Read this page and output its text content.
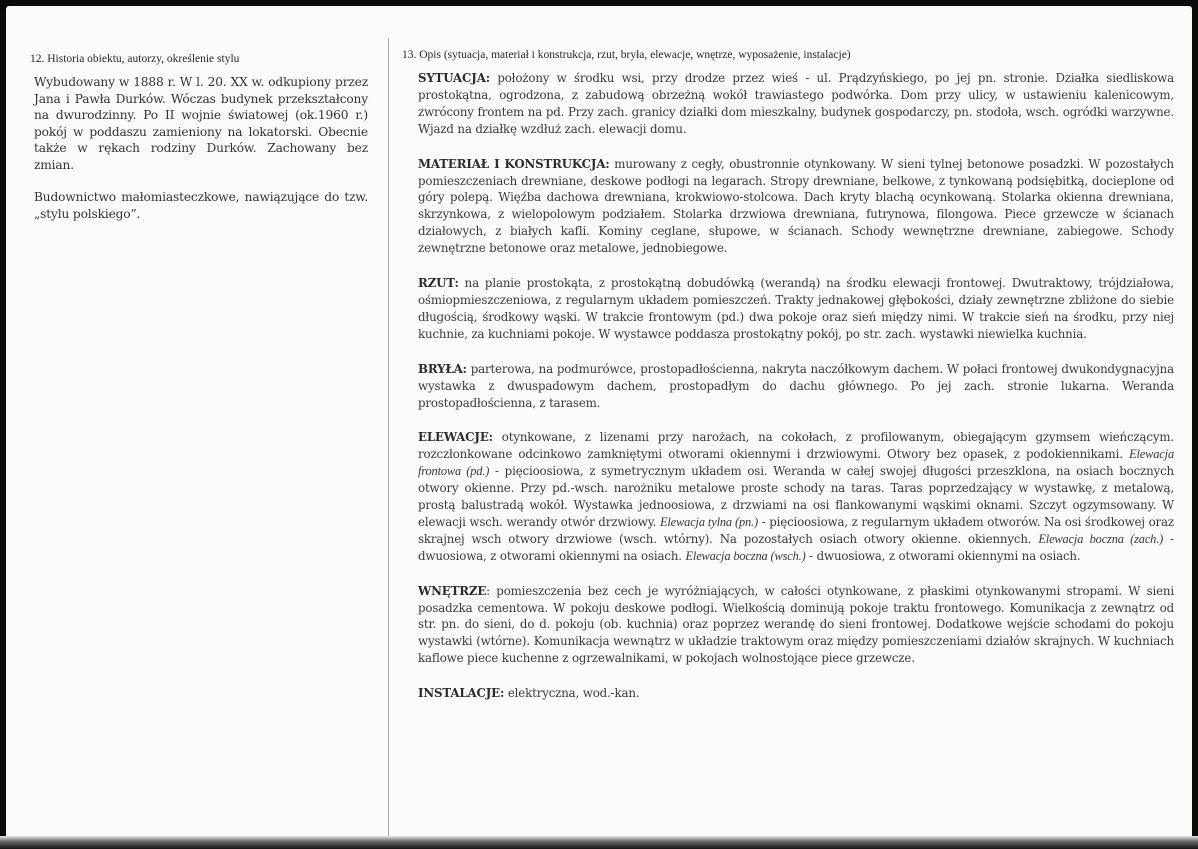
12. Historia obiektu, autorzy, określenie stylu

Wybudowany w 1888 r. W l. 20. XX w. odkupiony przez Jana i Pawła Durków. Wóczas budynek przekształcony na dwurodzinny. Po II wojnie światowej (ok.1960 r.) pokój w poddaszu zamieniony na lokatorski. Obecnie także w rękach rodziny Durków. Zachowany bez zmian.

Budownictwo małomiasteczkowe, nawiązujące do tzw. „stylu polskiego”.

13. Opis (sytuacja, materiał i konstrukcja, rzut, bryła, elewacje, wnętrze, wyposażenie, instalacje)

SYTUACJA: położony w środku wsi, przy drodze przez wieś - ul. Prądzyńskiego, po jej pn. stronie. Działka siedliskowa prostokątna, ogrodzona, z zabudową obrzeżną wokół trawiastego podwórka. Dom przy ulicy, w ustawieniu kalenicowym, zwrócony frontem na pd. Przy zach. granicy działki dom mieszkalny, budynek gospodarczy, pn. stodoła, wsch. ogródki warzywne. Wjazd na działkę wzdłuż zach. elewacji domu.

MATERIAŁ I KONSTRUKCJA: murowany z cegły, obustronnie otynkowany. W sieni tylnej betonowe posadzki. W pozostałych pomieszczeniach drewniane, deskowe podłogi na legarach. Stropy drewniane, belkowe, z tynkowaną podsiębitką, docieplone od góry polepą. Więźba dachowa drewniana, krokwiowo-stolcowa. Dach kryty blachą ocynkowaną. Stolarka okienna drewniana, skrzynkowa, z wielopolowym podziałem. Stolarka drzwiowa drewniana, futrynowa, filongowa. Piece grzewcze w ścianach działowych, z białych kafli. Kominy ceglane, słupowe, w ścianach. Schody wewnętrzne drewniane, zabiegowe. Schody zewnętrzne betonowe oraz metalowe, jednobiegowe.

RZUT: na planie prostokąta, z prostokątną dobudówką (werandą) na środku elewacji frontowej. Dwutraktowy, trójdziałowa, ośmiopmieszczeniowa, z regularnym układem pomieszczeń. Trakty jednakowej głębokości, działy zewnętrzne zbliżone do siebie długością, środkowy wąski. W trakcie frontowym (pd.) dwa pokoje oraz sień między nimi. W trakcie sień na środku, przy niej kuchnie, za kuchniami pokoje. W wystawce poddasza prostokątny pokój, po str. zach. wystawki niewielka kuchnia.

BRYŁA: parterowa, na podmurówce, prostopadłościenna, nakryta naczółkowym dachem. W połaci frontowej dwukondygnacyjna wystawka z dwuspadowym dachem, prostopadłym do dachu głównego. Po jej zach. stronie lukarna. Weranda prostopadłościenna, z tarasem.

ELEWACJE: otynkowane, z lizenami przy narożach, na cokołach, z profilowanym, obiegającym gzymsem wieńczącym. rozczłonkowane odcinkowo zamkniętymi otworami okiennymi i drzwiowymi. Otwory bez opasek, z podokiennikami. Elewacja frontowa (pd.) - pięcioosiowa, z symetrycznym układem osi. Weranda w całej swojej długości przeszklona, na osiach bocznych otwory okienne. Przy pd.-wsch. narożniku metalowe proste schody na taras. Taras poprzedzający w wystawkę, z metalową, prostą balustradą wokół. Wystawka jednoosiowa, z drzwiami na osi flankowanymi wąskimi oknami. Szczyt ogzymsowany. W elewacji wsch. werandy otwór drzwiowy. Elewacja tylna (pn.) - pięcioosiowa, z regularnym układem otworów. Na osi środkowej oraz skrajnej wsch otwory drzwiowe (wsch. wtórny). Na pozostałych osiach otwory okienne. okiennych. Elewacja boczna (zach.) - dwuosiowa, z otworami okiennymi na osiach. Elewacja boczna (wsch.) - dwuosiowa, z otworami okiennymi na osiach.

WNĘTRZE: pomieszczenia bez cech je wyróżniających, w całości otynkowane, z płaskimi otynkowanymi stropami. W sieni posadzka cementowa. W pokoju deskowe podłogi. Wielkością dominują pokoje traktu frontowego. Komunikacja z zewnątrz od str. pn. do sieni, do d. pokoju (ob. kuchnia) oraz poprzez werandę do sieni frontowej. Dodatkowe wejście schodami do pokoju wystawki (wtórne). Komunikacja wewnątrz w układzie traktowym oraz między pomieszczeniami działów skrajnych. W kuchniach kaflowe piece kuchenne z ogrzewalnikami, w pokojach wolnostojące piece grzewcze.

INSTALACJE: elektryczna, wod.-kan.
